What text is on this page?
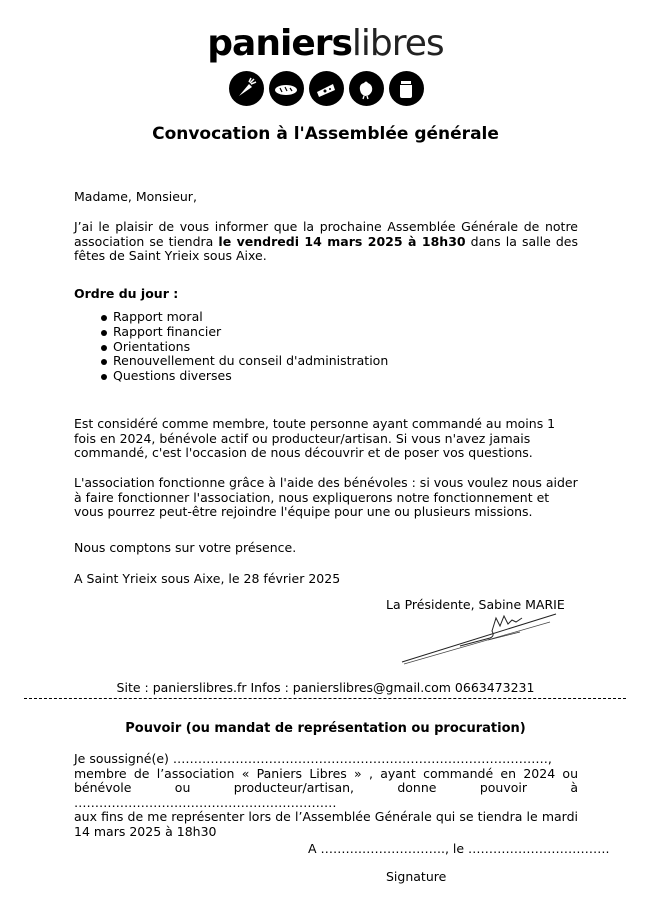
panierslibres
Convocation à l'Assemblée générale
Madame, Monsieur,
J’ai le plaisir de vous informer que la prochaine Assemblée Générale de notre association se tiendra le vendredi 14 mars 2025 à 18h30 dans la salle des fêtes de Saint Yrieix sous Aixe.
Ordre du jour :
Rapport moral
Rapport financier
Orientations
Renouvellement du conseil d'administration
Questions diverses
Est considéré comme membre, toute personne ayant commandé au moins 1 fois en 2024, bénévole actif ou producteur/artisan. Si vous n'avez jamais commandé, c'est l'occasion de nous découvrir et de poser vos questions.
L'association fonctionne grâce à l'aide des bénévoles : si vous voulez nous aider à faire fonctionner l'association, nous expliquerons notre fonctionnement et vous pourrez peut-être rejoindre l'équipe pour une ou plusieurs missions.
Nous comptons sur votre présence.
A Saint Yrieix sous Aixe, le 28 février 2025
La Présidente, Sabine MARIE
Site : panierslibres.fr Infos : panierslibres@gmail.com 0663473231
Pouvoir (ou mandat de représentation ou procuration)
Je soussigné(e) ………………………………………………………………………………,
membre de l’association « Paniers Libres » , ayant commandé en 2024 ou bénévole ou producteur/artisan, donne pouvoir à ………………………………………………………
aux fins de me représenter lors de l’Assemblée Générale qui se tiendra le mardi 14 mars 2025 à 18h30
A ……….……………….., le …………………………….
Signature
